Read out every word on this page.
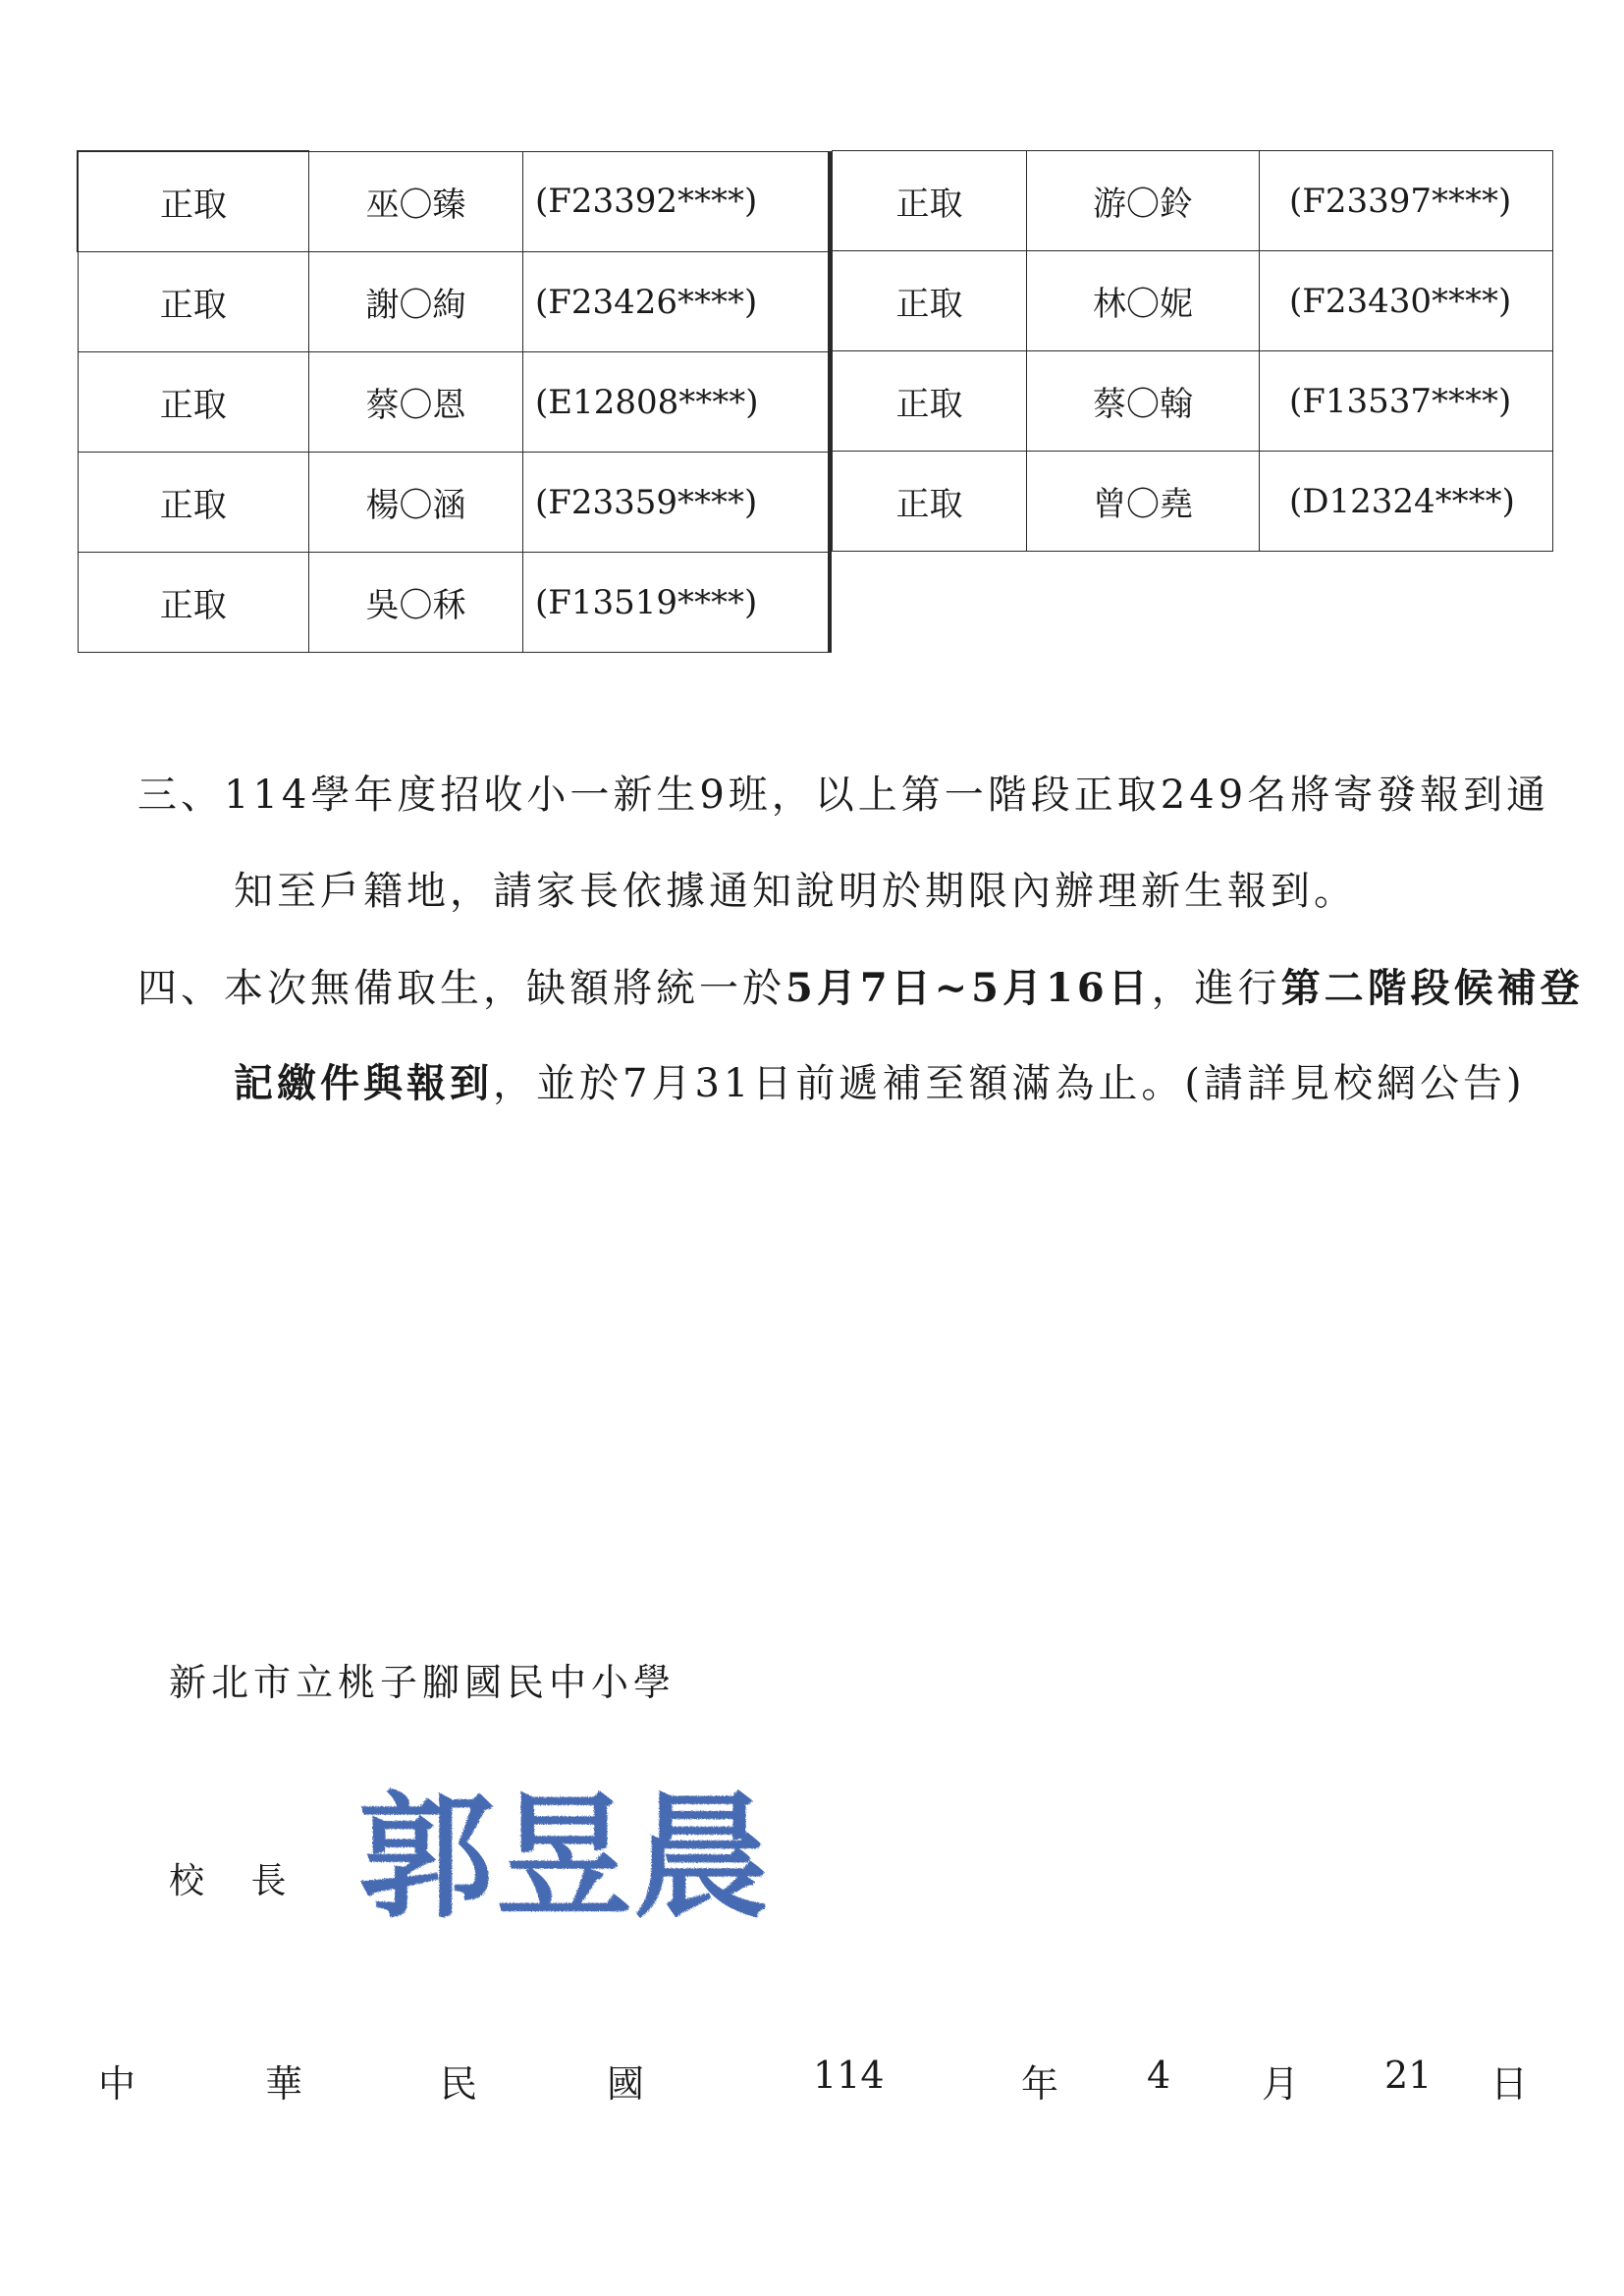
正取	巫〇臻	(F23392****)
正取	謝〇絢	(F23426****)
正取	蔡〇恩	(E12808****)
正取	楊〇涵	(F23359****)
正取	吳〇秝	(F13519****)
正取	游〇鈴	(F23397****)
正取	林〇妮	(F23430****)
正取	蔡〇翰	(F13537****)
正取	曾〇堯	(D12324****)
三、114學年度招收小一新生9班，以上第一階段正取249名將寄發報到通
知至戶籍地，請家長依據通知說明於期限內辦理新生報到。
四、本次無備取生，缺額將統一於5月7日~5月16日，進行第二階段候補登
記繳件與報到，並於7月31日前遞補至額滿為止。(請詳見校網公告)
新北市立桃子腳國民中小學
校 長 郭昱晨
中	華	民	國	114	年 4 月 21 日
